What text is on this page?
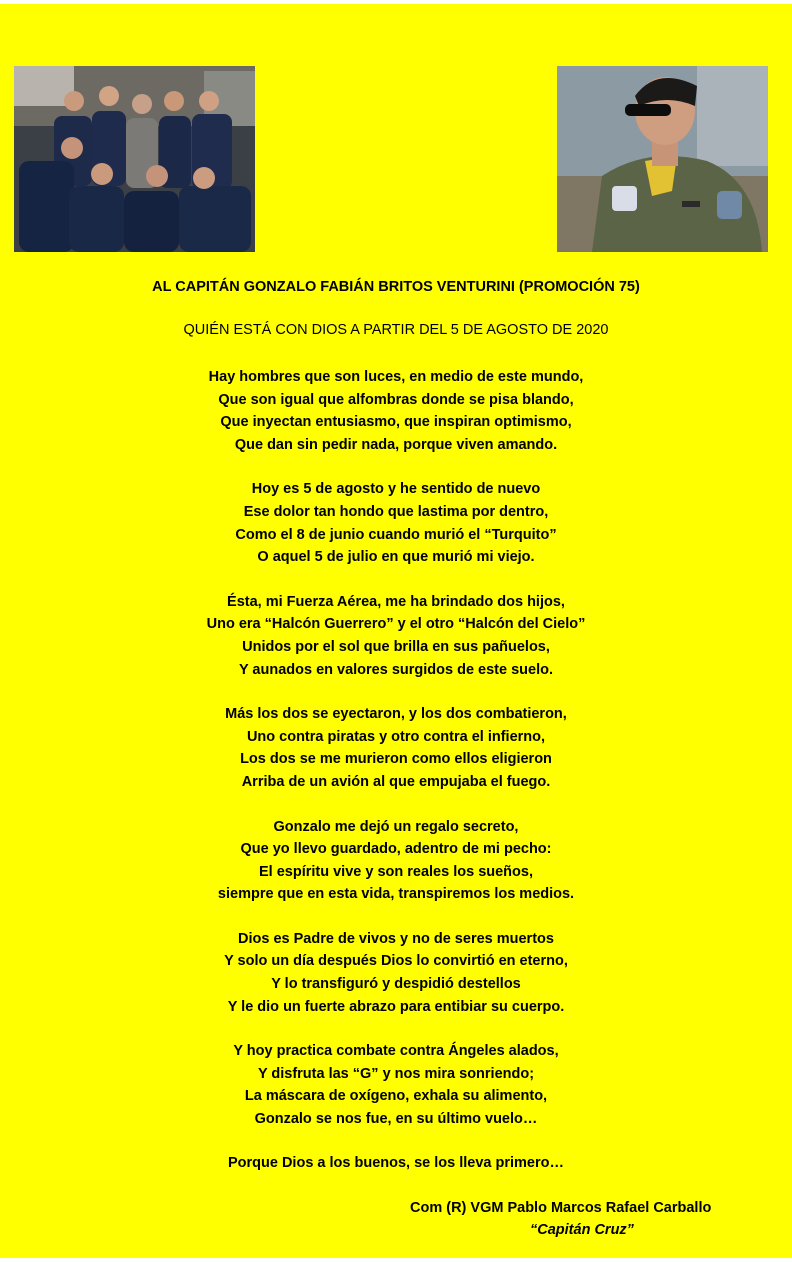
AL CAPITÁN GONZALO FABIÁN BRITOS VENTURINI (PROMOCIÓN 75)
QUIÉN ESTÁ CON DIOS A PARTIR DEL 5 DE AGOSTO DE 2020
Hay hombres que son luces, en medio de este mundo,
Que son igual que alfombras donde se pisa blando,
Que inyectan entusiasmo, que inspiran optimismo,
Que dan sin pedir nada, porque viven amando.
Hoy es 5 de agosto y he sentido de nuevo
Ese dolor tan hondo que lastima por dentro,
Como el 8 de junio cuando murió el “Turquito”
O aquel 5 de julio en que murió mi viejo.
Ésta, mi Fuerza Aérea, me ha brindado dos hijos,
Uno era “Halcón Guerrero” y el otro “Halcón del Cielo”
Unidos por el sol que brilla en sus pañuelos,
Y aunados en valores surgidos de este suelo.
Más los dos se eyectaron, y los dos combatieron,
Uno contra piratas y otro contra el infierno,
Los dos se me murieron como ellos eligieron
Arriba de un avión al que empujaba el fuego.
Gonzalo me dejó un regalo secreto,
Que yo llevo guardado, adentro de mi pecho:
El espíritu vive y son reales los sueños,
siempre que en esta vida, transpiremos los medios.
Dios es Padre de vivos y no de seres muertos
Y solo un día después Dios lo convirtió en eterno,
Y lo transfiguró y despidió destellos
Y le dio un fuerte abrazo para entibiar su cuerpo.
Y hoy practica combate contra Ángeles alados,
Y disfruta las “G” y nos mira sonriendo;
La máscara de oxígeno, exhala su alimento,
Gonzalo se nos fue, en su último vuelo…
Porque Dios a los buenos, se los lleva primero…
Com (R) VGM Pablo Marcos Rafael Carballo
“Capitán Cruz”
